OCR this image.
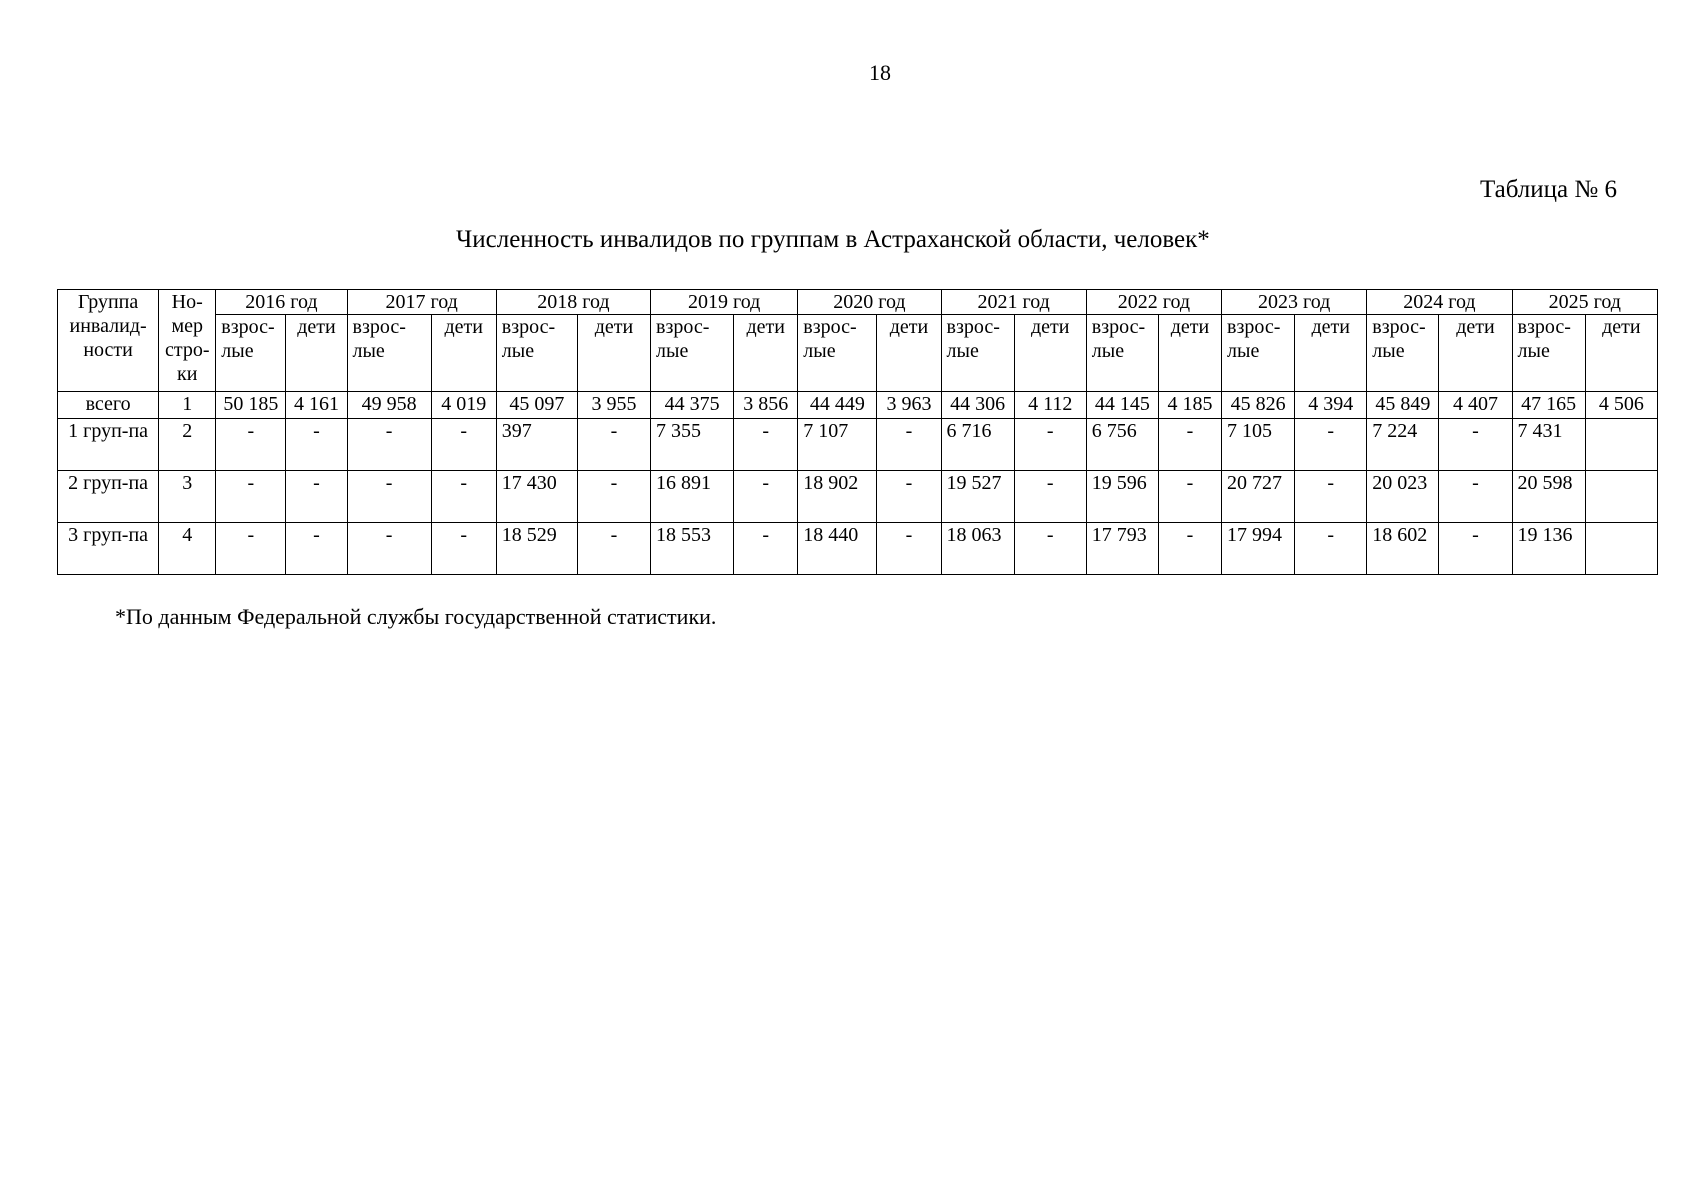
18
Таблица № 6
Численность инвалидов по группам в Астраханской области, человек*
Группа инвалид-ности	Но-мер стро-ки	2016 год		2017 год		2018 год		2019 год		2020 год		2021 год		2022 год		2023 год		2024 год		2025 год	
		взрос-лые	дети	взрос-лые	дети	взрос-лые	дети	взрос-лые	дети	взрос-лые	дети	взрос-лые	дети	взрос-лые	дети	взрос-лые	дети	взрос-лые	дети	взрос-лые	дети
всего	1	50 185	4 161	49 958	4 019	45 097	3 955	44 375	3 856	44 449	3 963	44 306	4 112	44 145	4 185	45 826	4 394	45 849	4 407	47 165	4 506
1 груп-па	2	-	-	-	-	397	-	7 355	-	7 107	-	6 716	-	6 756	-	7 105	-	7 224	-	7 431	
2 груп-па	3	-	-	-	-	17 430	-	16 891	-	18 902	-	19 527	-	19 596	-	20 727	-	20 023	-	20 598	
3 груп-па	4	-	-	-	-	18 529	-	18 553	-	18 440	-	18 063	-	17 793	-	17 994	-	18 602	-	19 136	
*По данным Федеральной службы государственной статистики.
